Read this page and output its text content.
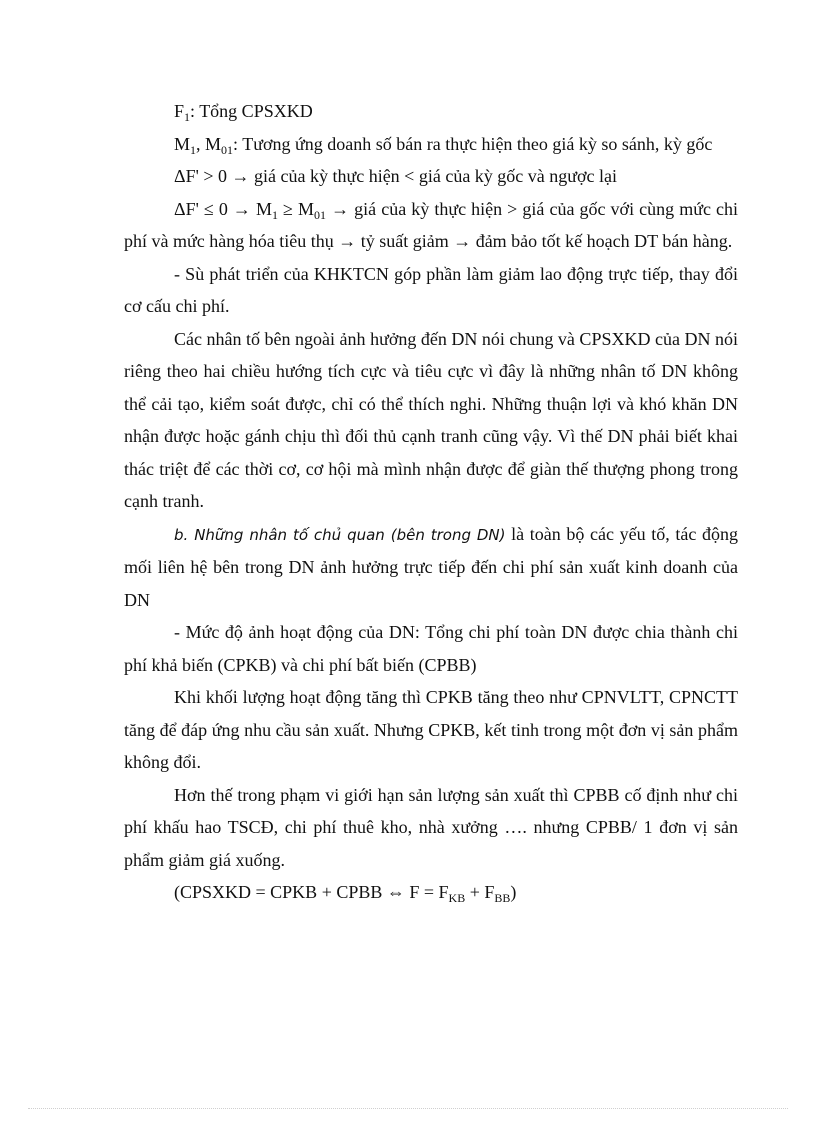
$F_1$: Tổng CPSXKD

$M_1$, $M_{01}$: Tương ứng doanh số bán ra thực hiện theo giá kỳ so sánh, kỳ gốc

ΔF' > 0 → giá của kỳ thực hiện < giá của kỳ gốc và ngược lại

$\Delta F' \le 0 \to M_1 \ge M_{01}$ → giá của kỳ thực hiện > giá của gốc với cùng mức chi phí và mức hàng hóa tiêu thụ → tỷ suất giảm → đảm bảo tốt kế hoạch DT bán hàng.

- Sù phát triển của KHKTCN góp phần làm giảm lao động trực tiếp, thay đổi cơ cấu chi phí.

Các nhân tố bên ngoài ảnh hưởng đến DN nói chung và CPSXKD của DN nói riêng theo hai chiều hướng tích cực và tiêu cực vì đây là những nhân tố DN không thể cải tạo, kiểm soát được, chỉ có thể thích nghi. Những thuận lợi và khó khăn DN nhận được hoặc gánh chịu thì đối thủ cạnh tranh cũng vậy. Vì thế DN phải biết khai thác triệt để các thời cơ, cơ hội mà mình nhận được để giàn thế thượng phong trong cạnh tranh.

b. Những nhân tố chủ quan (bên trong DN) là toàn bộ các yếu tố, tác động mối liên hệ bên trong DN ảnh hưởng trực tiếp đến chi phí sản xuất kinh doanh của DN

- Mức độ ảnh hoạt động của DN: Tổng chi phí toàn DN được chia thành chi phí khả biến (CPKB) và chi phí bất biến (CPBB)

Khi khối lượng hoạt động tăng thì CPKB tăng theo như CPNVLTT, CPNCTT tăng để đáp ứng nhu cầu sản xuất. Nhưng CPKB, kết tinh trong một đơn vị sản phẩm không đổi.

Hơn thế trong phạm vi giới hạn sản lượng sản xuất thì CPBB cố định như chi phí khấu hao TSCĐ, chi phí thuê kho, nhà xưởng …. nhưng CPBB/ 1 đơn vị sản phẩm giảm giá xuống.

(CPSXKD = CPKB + CPBB ⇔ $F = F_{KB} + F_{BB}$)
